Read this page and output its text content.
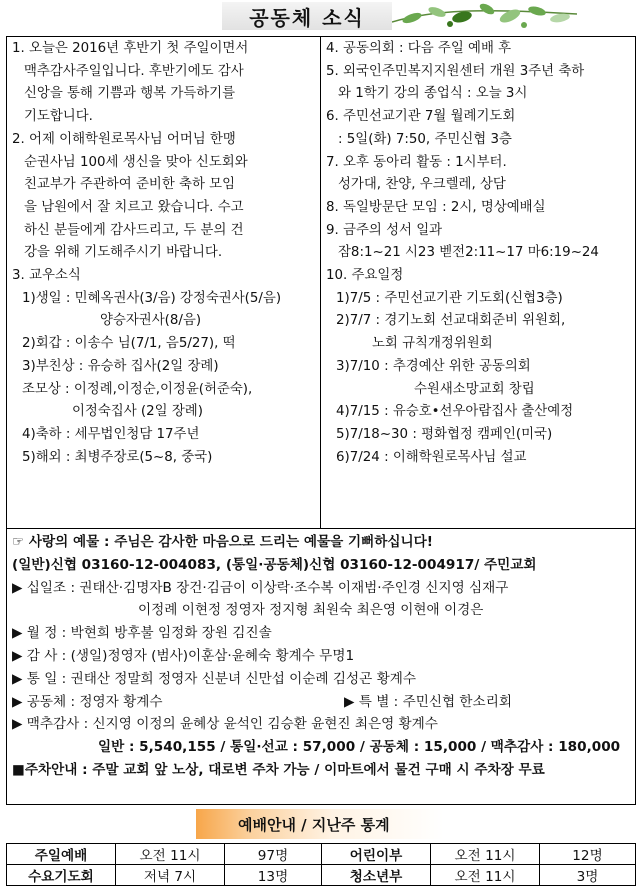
공동체 소식
1. 오늘은 2016년 후반기 첫 주일이면서
맥추감사주일입니다. 후반기에도 감사
신앙을 통해 기쁨과 행복 가득하기를
기도합니다.
2. 어제 이해학원로목사님 어머님 한맹
순권사님 100세 생신을 맞아 신도회와
친교부가 주관하여 준비한 축하 모임
을 남원에서 잘 치르고 왔습니다. 수고
하신 분들에게 감사드리고, 두 분의 건
강을 위해 기도해주시기 바랍니다.
3. 교우소식
1)생일 : 민혜옥권사(3/음) 강정숙권사(5/음)
양승자권사(8/음)
2)회갑 : 이송수 님(7/1, 음5/27), 떡
3)부친상 : 유승하 집사(2일 장례)
조모상 : 이정례,이정순,이정윤(허준숙),
이정숙집사 (2일 장례)
4)축하 : 세무법인청담 17주년
5)해외 : 최병주장로(5~8, 중국)
4. 공동의회 : 다음 주일 예배 후
5. 외국인주민복지지원센터 개원 3주년 축하
와 1학기 강의 종업식 : 오늘 3시
6. 주민선교기관 7월 월례기도회
: 5일(화) 7:50, 주민신협 3층
7. 오후 동아리 활동 : 1시부터.
성가대, 찬양, 우크렐레, 상담
8. 독일방문단 모임 : 2시, 명상예배실
9. 금주의 성서 일과
잠8:1~21 시23 벧전2:11~17 마6:19~24
10. 주요일정
1)7/5 : 주민선교기관 기도회(신협3층)
2)7/7 : 경기노회 선교대회준비 위원회,
노회 규칙개정위원회
3)7/10 : 추경예산 위한 공동의회
수원새소망교회 창립
4)7/15 : 유승호•선우아람집사 출산예정
5)7/18~30 : 평화협정 캠페인(미국)
6)7/24 : 이해학원로목사님 설교
☞ 사랑의 예물 : 주님은 감사한 마음으로 드리는 예물을 기뻐하십니다!
(일반)신협 03160-12-004083, (통일·공동체)신협 03160-12-004917/ 주민교회
▶ 십일조 : 권태산·김명자B 장건·김금이 이상락·조수복 이재범·주인경 신지영 심재구
이정례 이현정 정영자 정지형 최원숙 최은영 이현애 이경은
▶ 월 정 : 박현희 방후불 임정화 장원 김진솔
▶ 감 사 : (생일)정영자 (범사)이훈삼·윤혜숙 황계수 무명1
▶ 통 일 : 권태산 정말희 정영자 신분녀 신만섭 이순례 김성곤 황계수
▶ 공동체 : 정영자 황계수	▶ 특 별 : 주민신협 한소리회
▶ 맥추감사 : 신지영 이정의 윤혜상 윤석인 김승환 윤현진 최은영 황계수
일반 : 5,540,155 / 통일·선교 : 57,000 / 공동체 : 15,000 / 맥추감사 : 180,000
■주차안내 : 주말 교회 앞 노상, 대로변 주차 가능 / 이마트에서 물건 구매 시 주차장 무료
예배안내 / 지난주 통계
주일예배	오전 11시	97명	어린이부	오전 11시	12명
수요기도회	저녁 7시	13명	청소년부	오전 11시	3명
